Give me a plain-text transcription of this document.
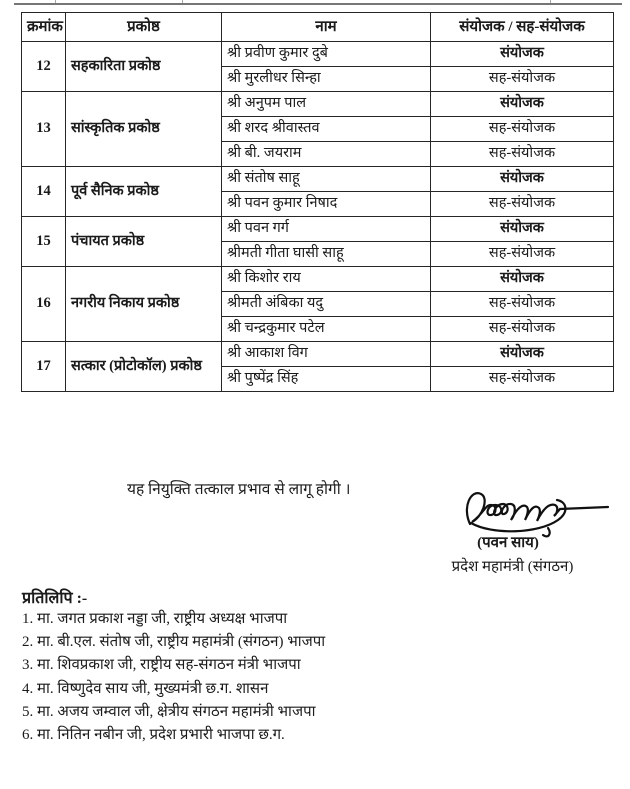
क्रमांक	प्रकोष्ठ	नाम	संयोजक / सह-संयोजक
12	सहकारिता प्रकोष्ठ	श्री प्रवीण कुमार दुबे	संयोजक
		श्री मुरलीधर सिन्हा	सह-संयोजक
13	सांस्कृतिक प्रकोष्ठ	श्री अनुपम पाल	संयोजक
		श्री शरद श्रीवास्तव	सह-संयोजक
		श्री बी. जयराम	सह-संयोजक
14	पूर्व सैनिक प्रकोष्ठ	श्री संतोष साहू	संयोजक
		श्री पवन कुमार निषाद	सह-संयोजक
15	पंचायत प्रकोष्ठ	श्री पवन गर्ग	संयोजक
		श्रीमती गीता घासी साहू	सह-संयोजक
16	नगरीय निकाय प्रकोष्ठ	श्री किशोर राय	संयोजक
		श्रीमती अंबिका यदु	सह-संयोजक
		श्री चन्द्रकुमार पटेल	सह-संयोजक
17	सत्कार (प्रोटोकॉल) प्रकोष्ठ	श्री आकाश विग	संयोजक
		श्री पुष्पेंद्र सिंह	सह-संयोजक
यह नियुक्ति तत्काल प्रभाव से लागू होगी ।
(पवन साय)
प्रदेश महामंत्री (संगठन)
प्रतिलिपि :-
1. मा. जगत प्रकाश नड्डा जी, राष्ट्रीय अध्यक्ष भाजपा
2. मा. बी.एल. संतोष जी, राष्ट्रीय महामंत्री (संगठन) भाजपा
3. मा. शिवप्रकाश जी, राष्ट्रीय सह-संगठन मंत्री भाजपा
4. मा. विष्णुदेव साय जी, मुख्यमंत्री छ.ग. शासन
5. मा. अजय जम्वाल जी, क्षेत्रीय संगठन महामंत्री भाजपा
6. मा. नितिन नबीन जी, प्रदेश प्रभारी भाजपा छ.ग.
